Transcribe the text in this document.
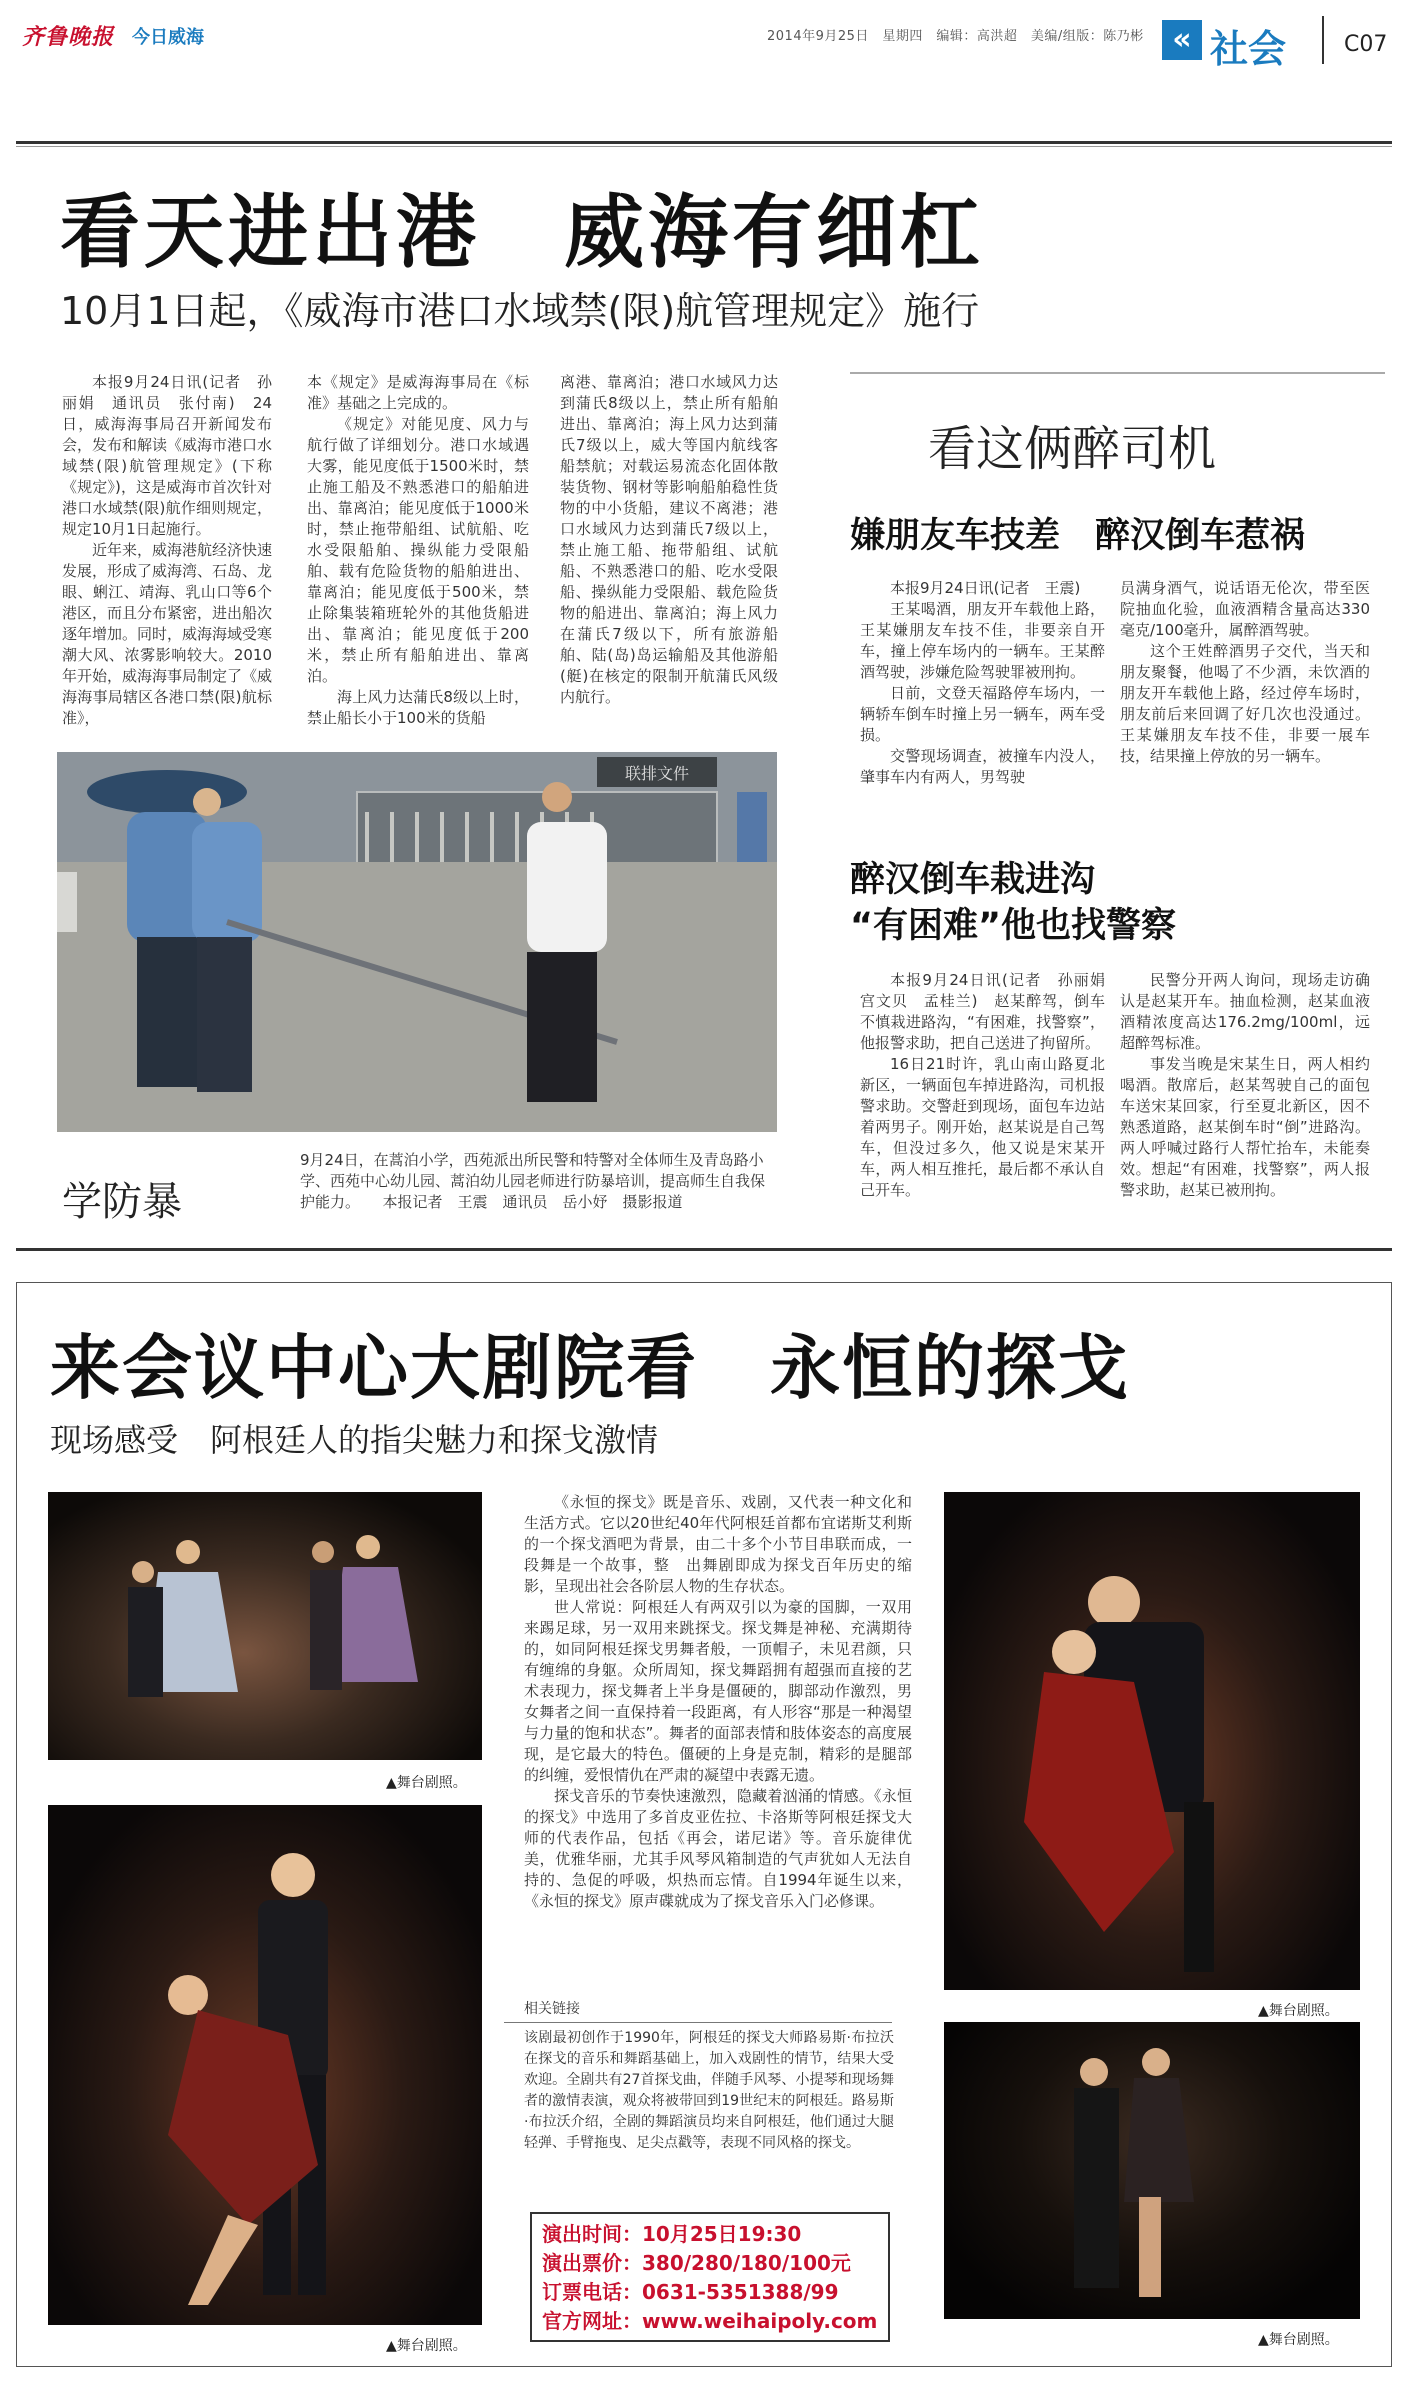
齐鲁晚报 今日威海	2014年9月25日　星期四　编辑：高洪超　美编/组版：陈乃彬 « 社会	C07
看天进出港　威海有细杠
10月1日起，《威海市港口水域禁(限)航管理规定》施行

本报9月24日讯(记者　孙丽娟　通讯员　张付南)　24日，威海海事局召开新闻发布会，发布和解读《威海市港口水域禁(限)航管理规定》(下称《规定》)，这是威海市首次针对港口水域禁(限)航作细则规定，规定10月1日起施行。

近年来，威海港航经济快速发展，形成了威海湾、石岛、龙眼、蜊江、靖海、乳山口等6个港区，而且分布紧密，进出船次逐年增加。同时，威海海域受寒潮大风、浓雾影响较大。2010年开始，威海海事局制定了《威海海事局辖区各港口禁(限)航标准》，

本《规定》是威海海事局在《标准》基础之上完成的。

《规定》对能见度、风力与航行做了详细划分。港口水域遇大雾，能见度低于1500米时，禁止施工船及不熟悉港口的船舶进出、靠离泊；能见度低于1000米时，禁止拖带船组、试航船、吃水受限船舶、操纵能力受限船舶、载有危险货物的船舶进出、靠离泊；能见度低于500米，禁止除集装箱班轮外的其他货船进出、靠离泊；能见度低于200米，禁止所有船舶进出、靠离泊。

海上风力达蒲氏8级以上时，禁止船长小于100米的货船

离港、靠离泊；港口水域风力达到蒲氏8级以上，禁止所有船舶进出、靠离泊；海上风力达到蒲氏7级以上，威大等国内航线客船禁航；对载运易流态化固体散装货物、钢材等影响船舶稳性货物的中小货船，建议不离港；港口水域风力达到蒲氏7级以上，禁止施工船、拖带船组、试航船、不熟悉港口的船、吃水受限船、操纵能力受限船、载危险货物的船进出、靠离泊；海上风力在蒲氏7级以下，所有旅游船舶、陆(岛)岛运输船及其他游船(艇)在核定的限制开航蒲氏风级内航行。

联排文件
学防暴
9月24日，在蒿泊小学，西苑派出所民警和特警对全体师生及青岛路小学、西苑中心幼儿园、蒿泊幼儿园老师进行防暴培训，提高师生自我保护能力。　　本报记者　王震　通讯员　岳小妤　摄影报道
看这俩醉司机
嫌朋友车技差　醉汉倒车惹祸

本报9月24日讯(记者　王震)

王某喝酒，朋友开车载他上路，王某嫌朋友车技不佳，非要亲自开车，撞上停车场内的一辆车。王某醉酒驾驶，涉嫌危险驾驶罪被刑拘。

日前，文登天福路停车场内，一辆轿车倒车时撞上另一辆车，两车受损。

交警现场调查，被撞车内没人，肇事车内有两人，男驾驶

员满身酒气，说话语无伦次，带至医院抽血化验，血液酒精含量高达330毫克/100毫升，属醉酒驾驶。

这个王姓醉酒男子交代，当天和朋友聚餐，他喝了不少酒，未饮酒的朋友开车载他上路，经过停车场时，朋友前后来回调了好几次也没通过。王某嫌朋友车技不佳，非要一展车技，结果撞上停放的另一辆车。

醉汉倒车栽进沟
“有困难”他也找警察

本报9月24日讯(记者　孙丽娟　宫文贝　孟桂兰)　赵某醉驾，倒车不慎栽进路沟，“有困难，找警察”，他报警求助，把自己送进了拘留所。

16日21时许，乳山南山路夏北新区，一辆面包车掉进路沟，司机报警求助。交警赶到现场，面包车边站着两男子。刚开始，赵某说是自己驾车，但没过多久，他又说是宋某开车，两人相互推托，最后都不承认自己开车。

民警分开两人询问，现场走访确认是赵某开车。抽血检测，赵某血液酒精浓度高达176.2mg/100ml，远超醉驾标准。

事发当晚是宋某生日，两人相约喝酒。散席后，赵某驾驶自己的面包车送宋某回家，行至夏北新区，因不熟悉道路，赵某倒车时“倒”进路沟。两人呼喊过路行人帮忙抬车，未能奏效。想起“有困难，找警察”，两人报警求助，赵某已被刑拘。

来会议中心大剧院看　永恒的探戈
现场感受　阿根廷人的指尖魅力和探戈激情
▲舞台剧照。
▲舞台剧照。
▲舞台剧照。
▲舞台剧照。

《永恒的探戈》既是音乐、戏剧，又代表一种文化和生活方式。它以20世纪40年代阿根廷首都布宜诺斯艾利斯的一个探戈酒吧为背景，由二十多个小节目串联而成，一段舞是一个故事，整　出舞剧即成为探戈百年历史的缩影，呈现出社会各阶层人物的生存状态。

世人常说：阿根廷人有两双引以为豪的国脚，一双用来踢足球，另一双用来跳探戈。探戈舞是神秘、充满期待的，如同阿根廷探戈男舞者般，一顶帽子，未见君颜，只有缠绵的身躯。众所周知，探戈舞蹈拥有超强而直接的艺术表现力，探戈舞者上半身是僵硬的，脚部动作激烈，男女舞者之间一直保持着一段距离，有人形容“那是一种渴望与力量的饱和状态”。舞者的面部表情和肢体姿态的高度展现，是它最大的特色。僵硬的上身是克制，精彩的是腿部的纠缠，爱恨情仇在严肃的凝望中表露无遗。

探戈音乐的节奏快速激烈，隐藏着汹涌的情感。《永恒的探戈》中选用了多首皮亚佐拉、卡洛斯等阿根廷探戈大师的代表作品，包括《再会，诺尼诺》等。音乐旋律优美，优雅华丽，尤其手风琴风箱制造的气声犹如人无法自持的、急促的呼吸，炽热而忘情。自1994年诞生以来，《永恒的探戈》原声碟就成为了探戈音乐入门必修课。

相关链接
该剧最初创作于1990年，阿根廷的探戈大师路易斯·布拉沃在探戈的音乐和舞蹈基础上，加入戏剧性的情节，结果大受欢迎。全剧共有27首探戈曲，伴随手风琴、小提琴和现场舞者的激情表演，观众将被带回到19世纪末的阿根廷。路易斯·布拉沃介绍，全剧的舞蹈演员均来自阿根廷，他们通过大腿轻弹、手臂拖曳、足尖点戳等，表现不同风格的探戈。
演出时间：10月25日19:30
演出票价：380/280/180/100元
订票电话：0631-5351388/99
官方网址：www.weihaipoly.com
